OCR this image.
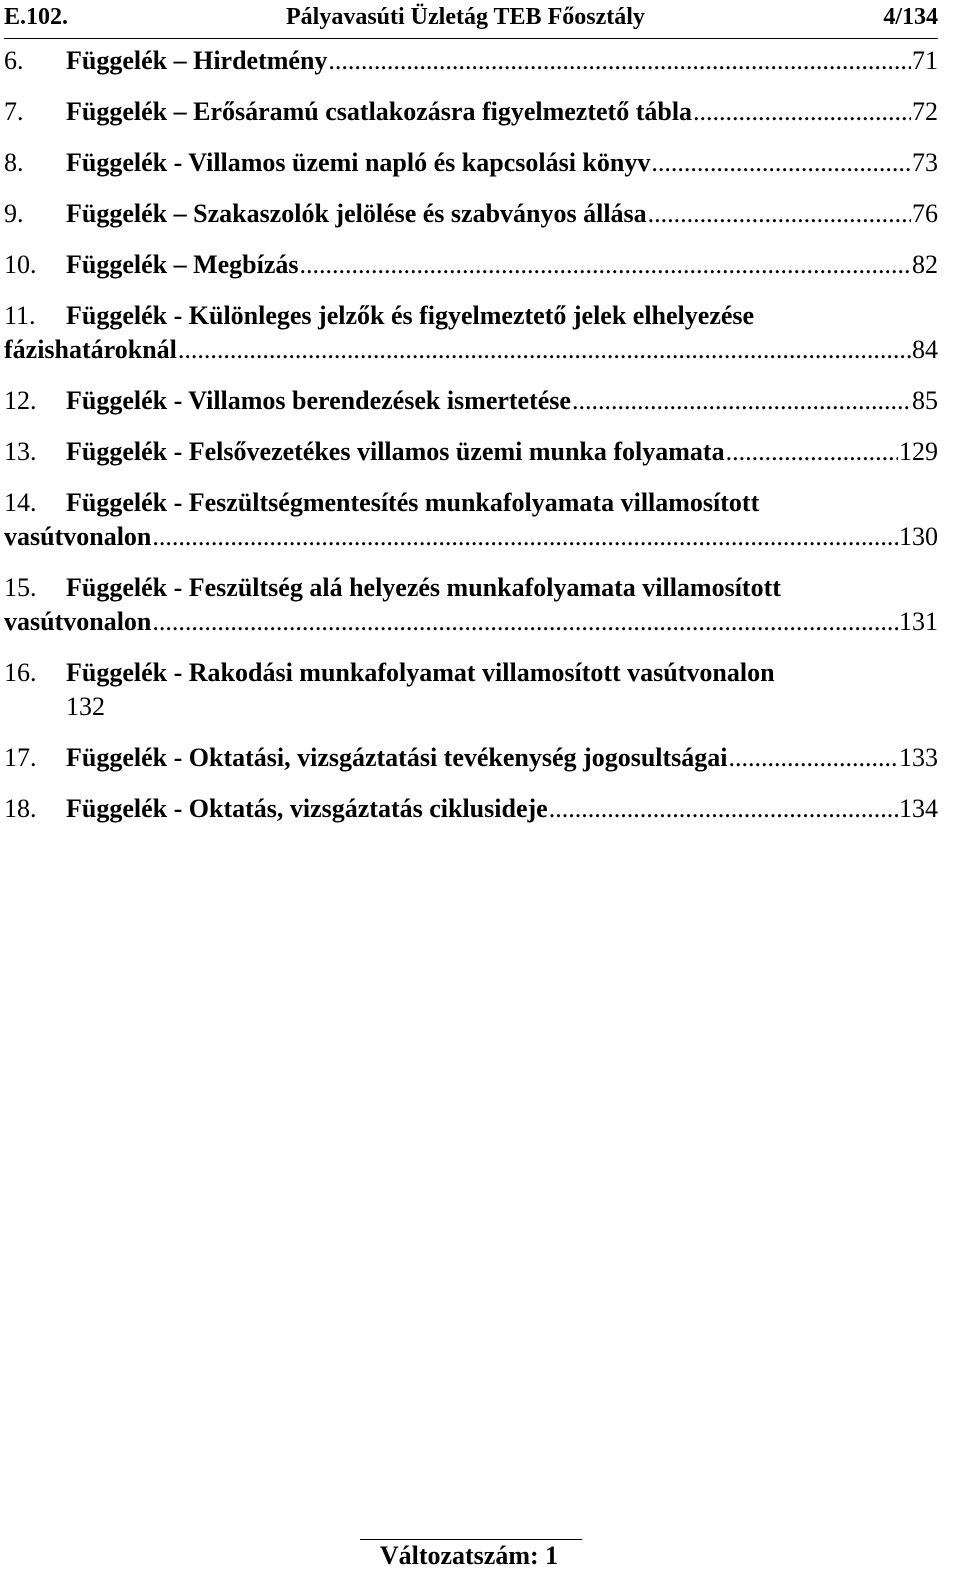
E.102.	Pályavasúti Üzletág TEB Főosztály	4/134
6.	Függelék – Hirdetmény .....	71
7.	Függelék – Erősáramú csatlakozásra figyelmeztető tábla .....	72
8.	Függelék - Villamos üzemi napló és kapcsolási könyv .....	73
9.	Függelék – Szakaszolók jelölése és szabványos állása .....	76
10.	Függelék – Megbízás .....	82
11.	Függelék - Különleges jelzők és figyelmeztető jelek elhelyezése
fázishatároknál .....	84
12.	Függelék - Villamos berendezések ismertetése .....	85
13.	Függelék - Felsővezetékes villamos üzemi munka folyamata .....	129
14.	Függelék - Feszültségmentesítés munkafolyamata villamosított
vasútvonalon .....	130
15.	Függelék - Feszültség alá helyezés munkafolyamata villamosított
vasútvonalon .....	131
16.	Függelék - Rakodási munkafolyamat villamosított vasútvonalon
132
17.	Függelék - Oktatási, vizsgáztatási tevékenység jogosultságai .....	133
18.	Függelék - Oktatás, vizsgáztatás ciklusideje .....	134
Változatszám: 1
